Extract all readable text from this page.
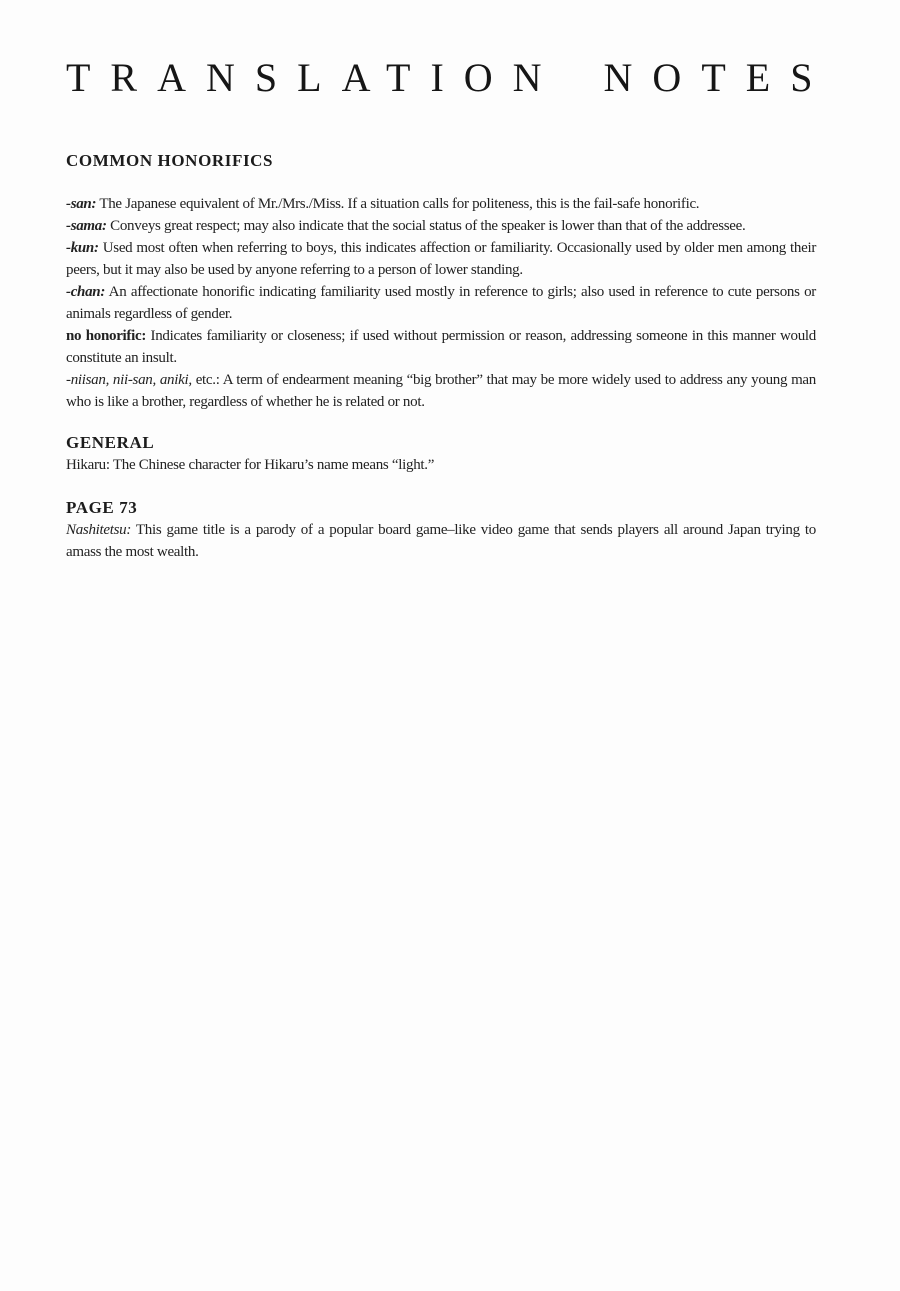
TRANSLATION NOTES
COMMON HONORIFICS

-san: The Japanese equivalent of Mr./Mrs./Miss. If a situation calls for politeness, this is the fail-safe honorific.

-sama: Conveys great respect; may also indicate that the social status of the speaker is lower than that of the addressee.

-kun: Used most often when referring to boys, this indicates affection or familiarity. Occasionally used by older men among their peers, but it may also be used by anyone referring to a person of lower standing.

-chan: An affectionate honorific indicating familiarity used mostly in reference to girls; also used in reference to cute persons or animals regardless of gender.

no honorific: Indicates familiarity or closeness; if used without permission or reason, addressing someone in this manner would constitute an insult.

-niisan, nii-san, aniki, etc.: A term of endearment meaning “big brother” that may be more widely used to address any young man who is like a brother, regardless of whether he is related or not.

GENERAL

Hikaru: The Chinese character for Hikaru’s name means “light.”

PAGE 73

Nashitetsu: This game title is a parody of a popular board game–like video game that sends players all around Japan trying to amass the most wealth.
